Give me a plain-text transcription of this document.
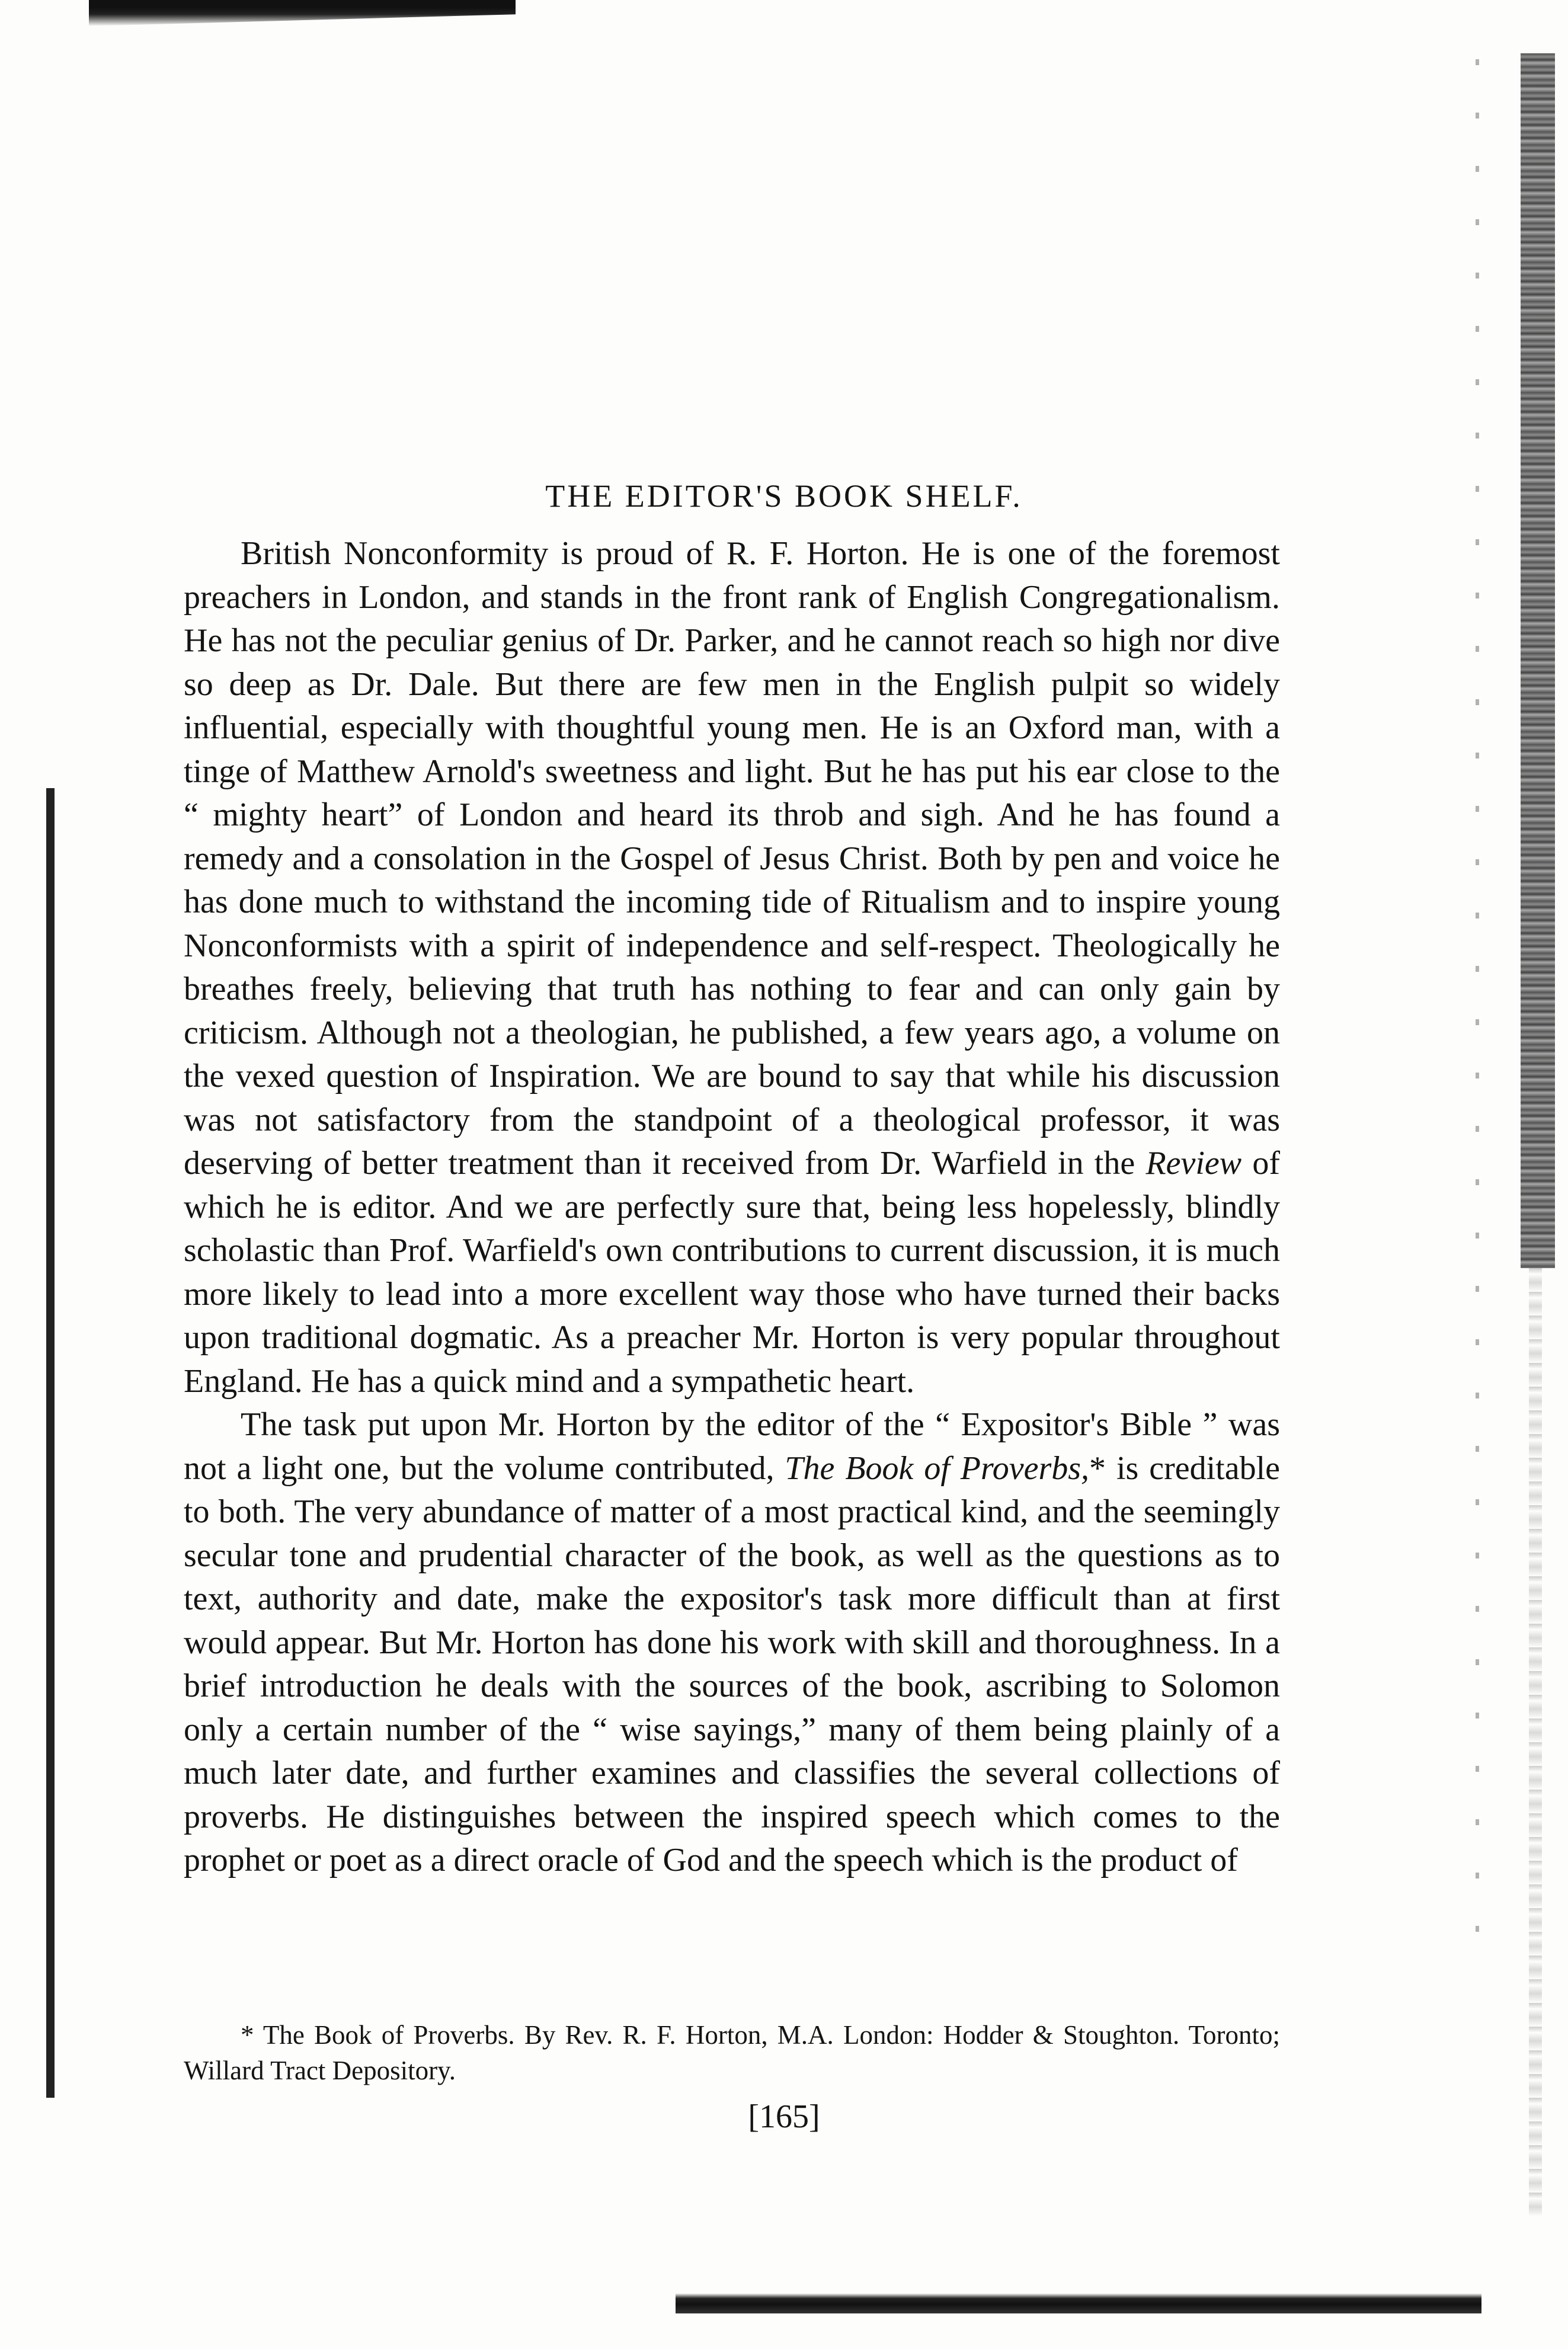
THE EDITOR'S BOOK SHELF.

British Nonconformity is proud of R. F. Horton. He is one of the foremost preachers in London, and stands in the front rank of English Congregationalism. He has not the peculiar genius of Dr. Parker, and he cannot reach so high nor dive so deep as Dr. Dale. But there are few men in the English pulpit so widely influential, especially with thoughtful young men. He is an Oxford man, with a tinge of Matthew Arnold's sweetness and light. But he has put his ear close to the “ mighty heart” of London and heard its throb and sigh. And he has found a remedy and a consolation in the Gospel of Jesus Christ. Both by pen and voice he has done much to withstand the incoming tide of Ritualism and to inspire young Nonconformists with a spirit of independence and self-respect. Theologically he breathes freely, believing that truth has nothing to fear and can only gain by criticism. Although not a theologian, he published, a few years ago, a volume on the vexed question of Inspiration. We are bound to say that while his discussion was not satisfactory from the standpoint of a theological professor, it was deserving of better treatment than it received from Dr. Warfield in the Review of which he is editor. And we are perfectly sure that, being less hopelessly, blindly scholastic than Prof. Warfield's own contributions to current discussion, it is much more likely to lead into a more excellent way those who have turned their backs upon traditional dogmatic. As a preacher Mr. Horton is very popular throughout England. He has a quick mind and a sympathetic heart.

The task put upon Mr. Horton by the editor of the “ Expositor's Bible ” was not a light one, but the volume contributed, The Book of Proverbs,* is creditable to both. The very abundance of matter of a most practical kind, and the seemingly secular tone and prudential character of the book, as well as the questions as to text, authority and date, make the expositor's task more difficult than at first would appear. But Mr. Horton has done his work with skill and thoroughness. In a brief introduction he deals with the sources of the book, ascribing to Solomon only a certain number of the “ wise sayings,” many of them being plainly of a much later date, and further examines and classifies the several collections of proverbs. He distinguishes between the inspired speech which comes to the prophet or poet as a direct oracle of God and the speech which is the product of

* The Book of Proverbs. By Rev. R. F. Horton, M.A. London: Hodder & Stoughton. Toronto; Willard Tract Depository.
[165]
